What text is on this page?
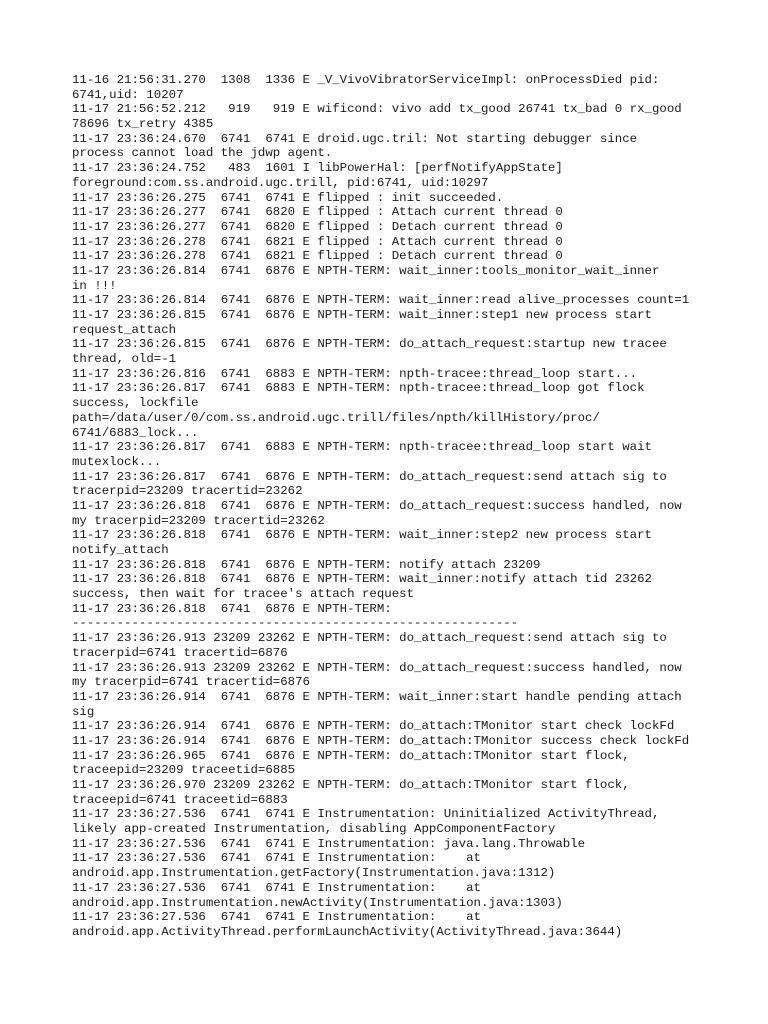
11-16 21:56:31.270  1308  1336 E _V_VivoVibratorServiceImpl: onProcessDied pid:
6741,uid: 10207
11-17 21:56:52.212   919   919 E wificond: vivo add tx_good 26741 tx_bad 0 rx_good
78696 tx_retry 4385
11-17 23:36:24.670  6741  6741 E droid.ugc.tril: Not starting debugger since
process cannot load the jdwp agent.
11-17 23:36:24.752   483  1601 I libPowerHal: [perfNotifyAppState]
foreground:com.ss.android.ugc.trill, pid:6741, uid:10297
11-17 23:36:26.275  6741  6741 E flipped : init succeeded.
11-17 23:36:26.277  6741  6820 E flipped : Attach current thread 0
11-17 23:36:26.277  6741  6820 E flipped : Detach current thread 0
11-17 23:36:26.278  6741  6821 E flipped : Attach current thread 0
11-17 23:36:26.278  6741  6821 E flipped : Detach current thread 0
11-17 23:36:26.814  6741  6876 E NPTH-TERM: wait_inner:tools_monitor_wait_inner
in !!!
11-17 23:36:26.814  6741  6876 E NPTH-TERM: wait_inner:read alive_processes count=1
11-17 23:36:26.815  6741  6876 E NPTH-TERM: wait_inner:step1 new process start
request_attach
11-17 23:36:26.815  6741  6876 E NPTH-TERM: do_attach_request:startup new tracee
thread, old=-1
11-17 23:36:26.816  6741  6883 E NPTH-TERM: npth-tracee:thread_loop start...
11-17 23:36:26.817  6741  6883 E NPTH-TERM: npth-tracee:thread_loop got flock
success, lockfile
path=/data/user/0/com.ss.android.ugc.trill/files/npth/killHistory/proc/
6741/6883_lock...
11-17 23:36:26.817  6741  6883 E NPTH-TERM: npth-tracee:thread_loop start wait
mutexlock...
11-17 23:36:26.817  6741  6876 E NPTH-TERM: do_attach_request:send attach sig to
tracerpid=23209 tracertid=23262
11-17 23:36:26.818  6741  6876 E NPTH-TERM: do_attach_request:success handled, now
my tracerpid=23209 tracertid=23262
11-17 23:36:26.818  6741  6876 E NPTH-TERM: wait_inner:step2 new process start
notify_attach
11-17 23:36:26.818  6741  6876 E NPTH-TERM: notify attach 23209
11-17 23:36:26.818  6741  6876 E NPTH-TERM: wait_inner:notify attach tid 23262
success, then wait for tracee's attach request
11-17 23:36:26.818  6741  6876 E NPTH-TERM:
------------------------------------------------------------
11-17 23:36:26.913 23209 23262 E NPTH-TERM: do_attach_request:send attach sig to
tracerpid=6741 tracertid=6876
11-17 23:36:26.913 23209 23262 E NPTH-TERM: do_attach_request:success handled, now
my tracerpid=6741 tracertid=6876
11-17 23:36:26.914  6741  6876 E NPTH-TERM: wait_inner:start handle pending attach
sig
11-17 23:36:26.914  6741  6876 E NPTH-TERM: do_attach:TMonitor start check lockFd
11-17 23:36:26.914  6741  6876 E NPTH-TERM: do_attach:TMonitor success check lockFd
11-17 23:36:26.965  6741  6876 E NPTH-TERM: do_attach:TMonitor start flock,
traceepid=23209 traceetid=6885
11-17 23:36:26.970 23209 23262 E NPTH-TERM: do_attach:TMonitor start flock,
traceepid=6741 traceetid=6883
11-17 23:36:27.536  6741  6741 E Instrumentation: Uninitialized ActivityThread,
likely app-created Instrumentation, disabling AppComponentFactory
11-17 23:36:27.536  6741  6741 E Instrumentation: java.lang.Throwable
11-17 23:36:27.536  6741  6741 E Instrumentation:    at
android.app.Instrumentation.getFactory(Instrumentation.java:1312)
11-17 23:36:27.536  6741  6741 E Instrumentation:    at
android.app.Instrumentation.newActivity(Instrumentation.java:1303)
11-17 23:36:27.536  6741  6741 E Instrumentation:    at
android.app.ActivityThread.performLaunchActivity(ActivityThread.java:3644)
